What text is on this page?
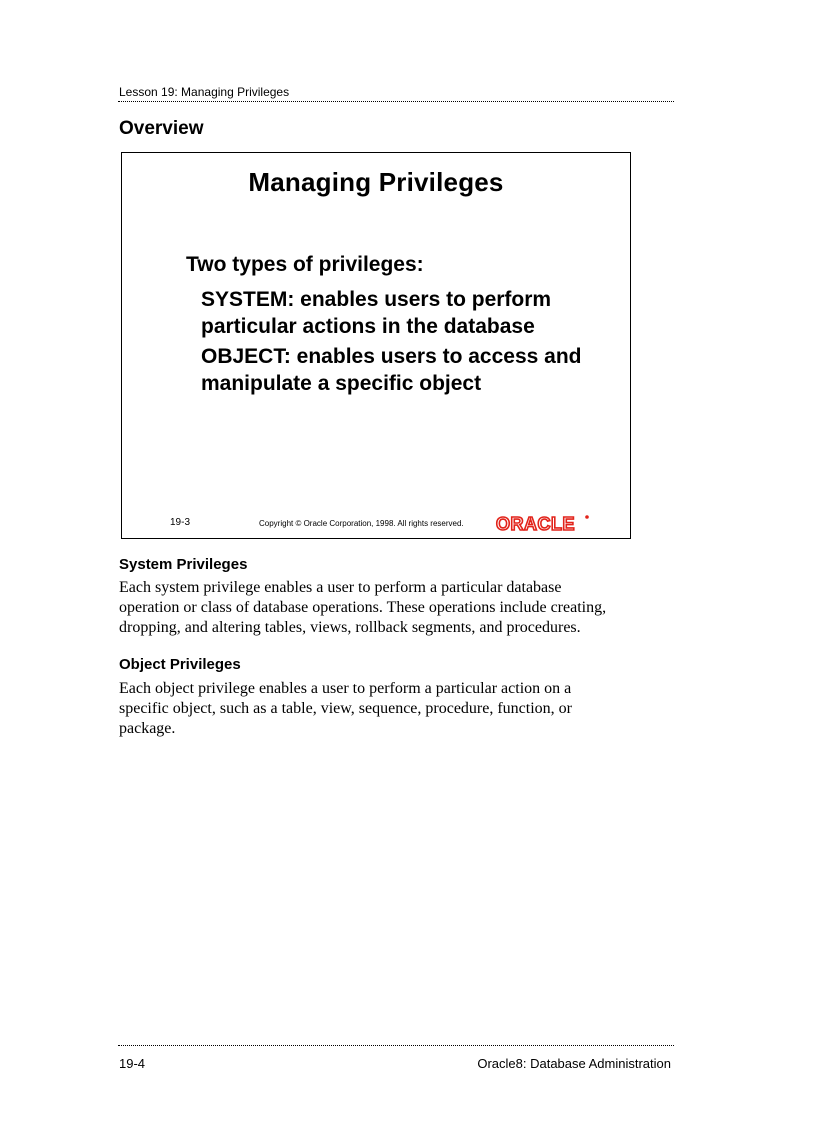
Lesson 19: Managing Privileges
Overview
Managing Privileges
Two types of privileges:
SYSTEM: enables users to perform particular actions in the database
OBJECT: enables users to access and manipulate a specific object
19-3	Copyright © Oracle Corporation, 1998. All rights reserved. ORACLE
System Privileges

Each system privilege enables a user to perform a particular database operation or class of database operations. These operations include creating, dropping, and altering tables, views, rollback segments, and procedures.

Object Privileges

Each object privilege enables a user to perform a particular action on a specific object, such as a table, view, sequence, procedure, function, or package.

19-4	Oracle8: Database Administration
